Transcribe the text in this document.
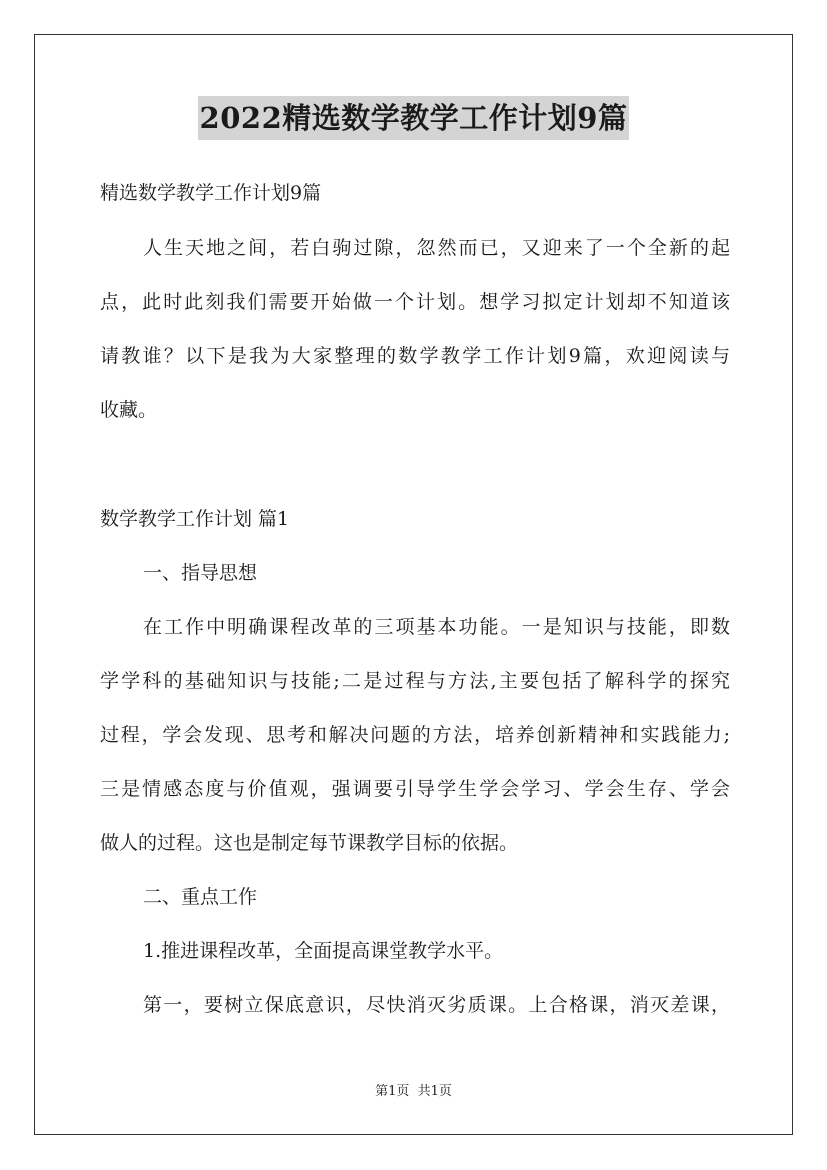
2022精选数学教学工作计划9篇
精选数学教学工作计划9篇
人生天地之间，若白驹过隙，忽然而已，又迎来了一个全新的起
点，此时此刻我们需要开始做一个计划。想学习拟定计划却不知道该
请教谁？以下是我为大家整理的数学教学工作计划9篇，欢迎阅读与
收藏。
数学教学工作计划 篇1
一、指导思想
在工作中明确课程改革的三项基本功能。一是知识与技能，即数
学学科的基础知识与技能;二是过程与方法,主要包括了解科学的探究
过程，学会发现、思考和解决问题的方法，培养创新精神和实践能力;
三是情感态度与价值观，强调要引导学生学会学习、学会生存、学会
做人的过程。这也是制定每节课教学目标的依据。
二、重点工作
1.推进课程改革，全面提高课堂教学水平。
第一，要树立保底意识，尽快消灭劣质课。上合格课，消灭差课，
第1页 共1页
